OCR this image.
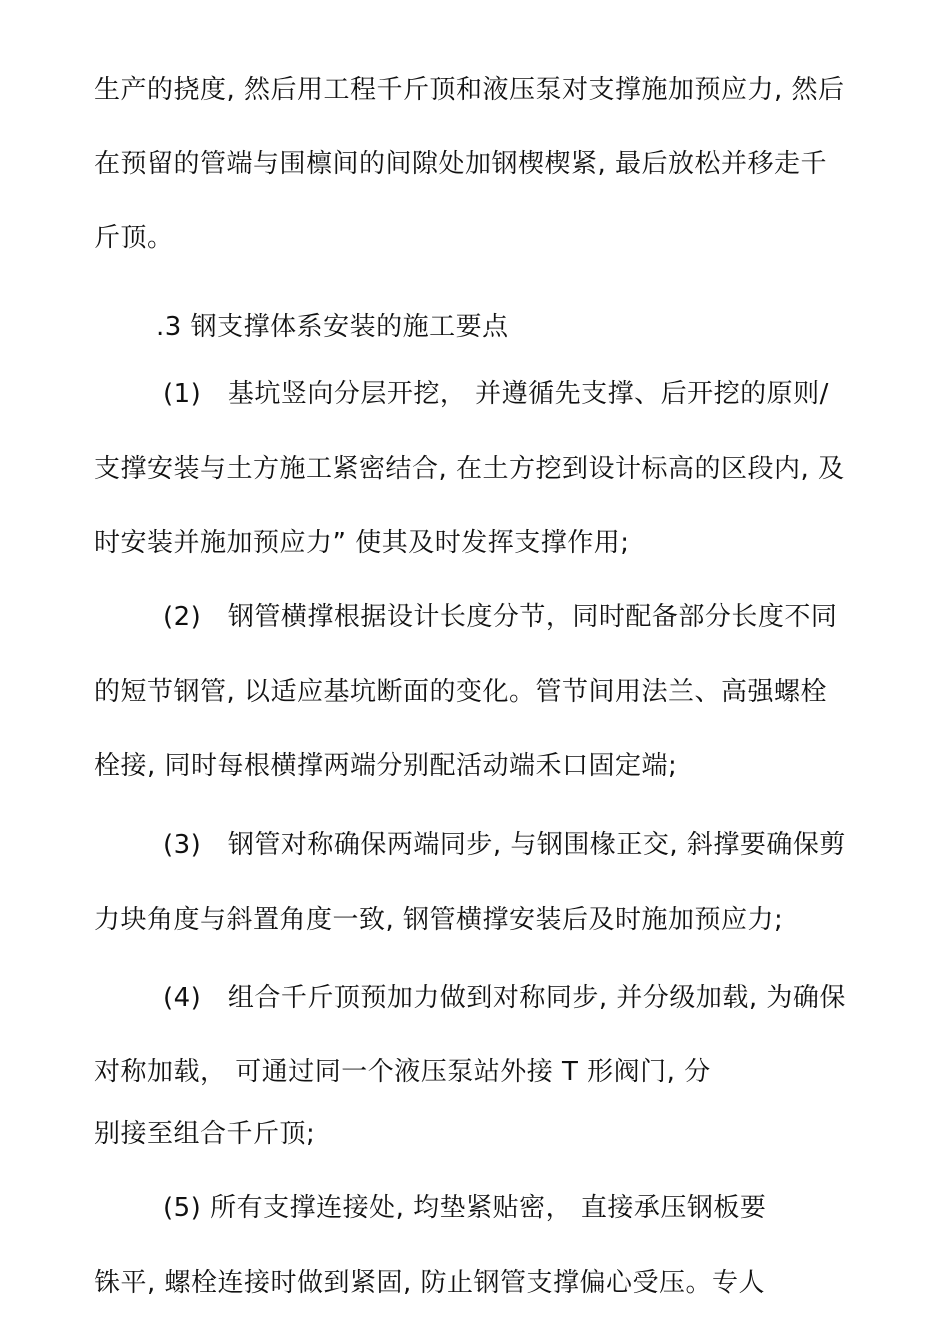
生产的挠度, 然后用工程千斤顶和液压泵对支撑施加预应力, 然后
在预留的管端与围檩间的间隙处加钢楔楔紧, 最后放松并移走千
斤顶。
.3 钢支撑体系安装的施工要点
(1)　基坑竖向分层开挖， 并遵循先支撑、后开挖的原则/
支撑安装与土方施工紧密结合, 在土方挖到设计标高的区段内, 及
时安装并施加预应力” 使其及时发挥支撑作用;
(2)　钢管横撑根据设计长度分节，同时配备部分长度不同
的短节钢管, 以适应基坑断面的变化。管节间用法兰、高强螺栓
栓接, 同时每根横撑两端分别配活动端禾口固定端;
(3)　钢管对称确保两端同步, 与钢围椽正交, 斜撑要确保剪
力块角度与斜置角度一致, 钢管横撑安装后及时施加预应力;
(4)　组合千斤顶预加力做到对称同步, 并分级加载, 为确保
对称加载， 可通过同一个液压泵站外接 T 形阀门, 分
别接至组合千斤顶;
(5) 所有支撑连接处, 均垫紧贴密， 直接承压钢板要
铢平, 螺栓连接时做到紧固, 防止钢管支撑偏心受压。专人
